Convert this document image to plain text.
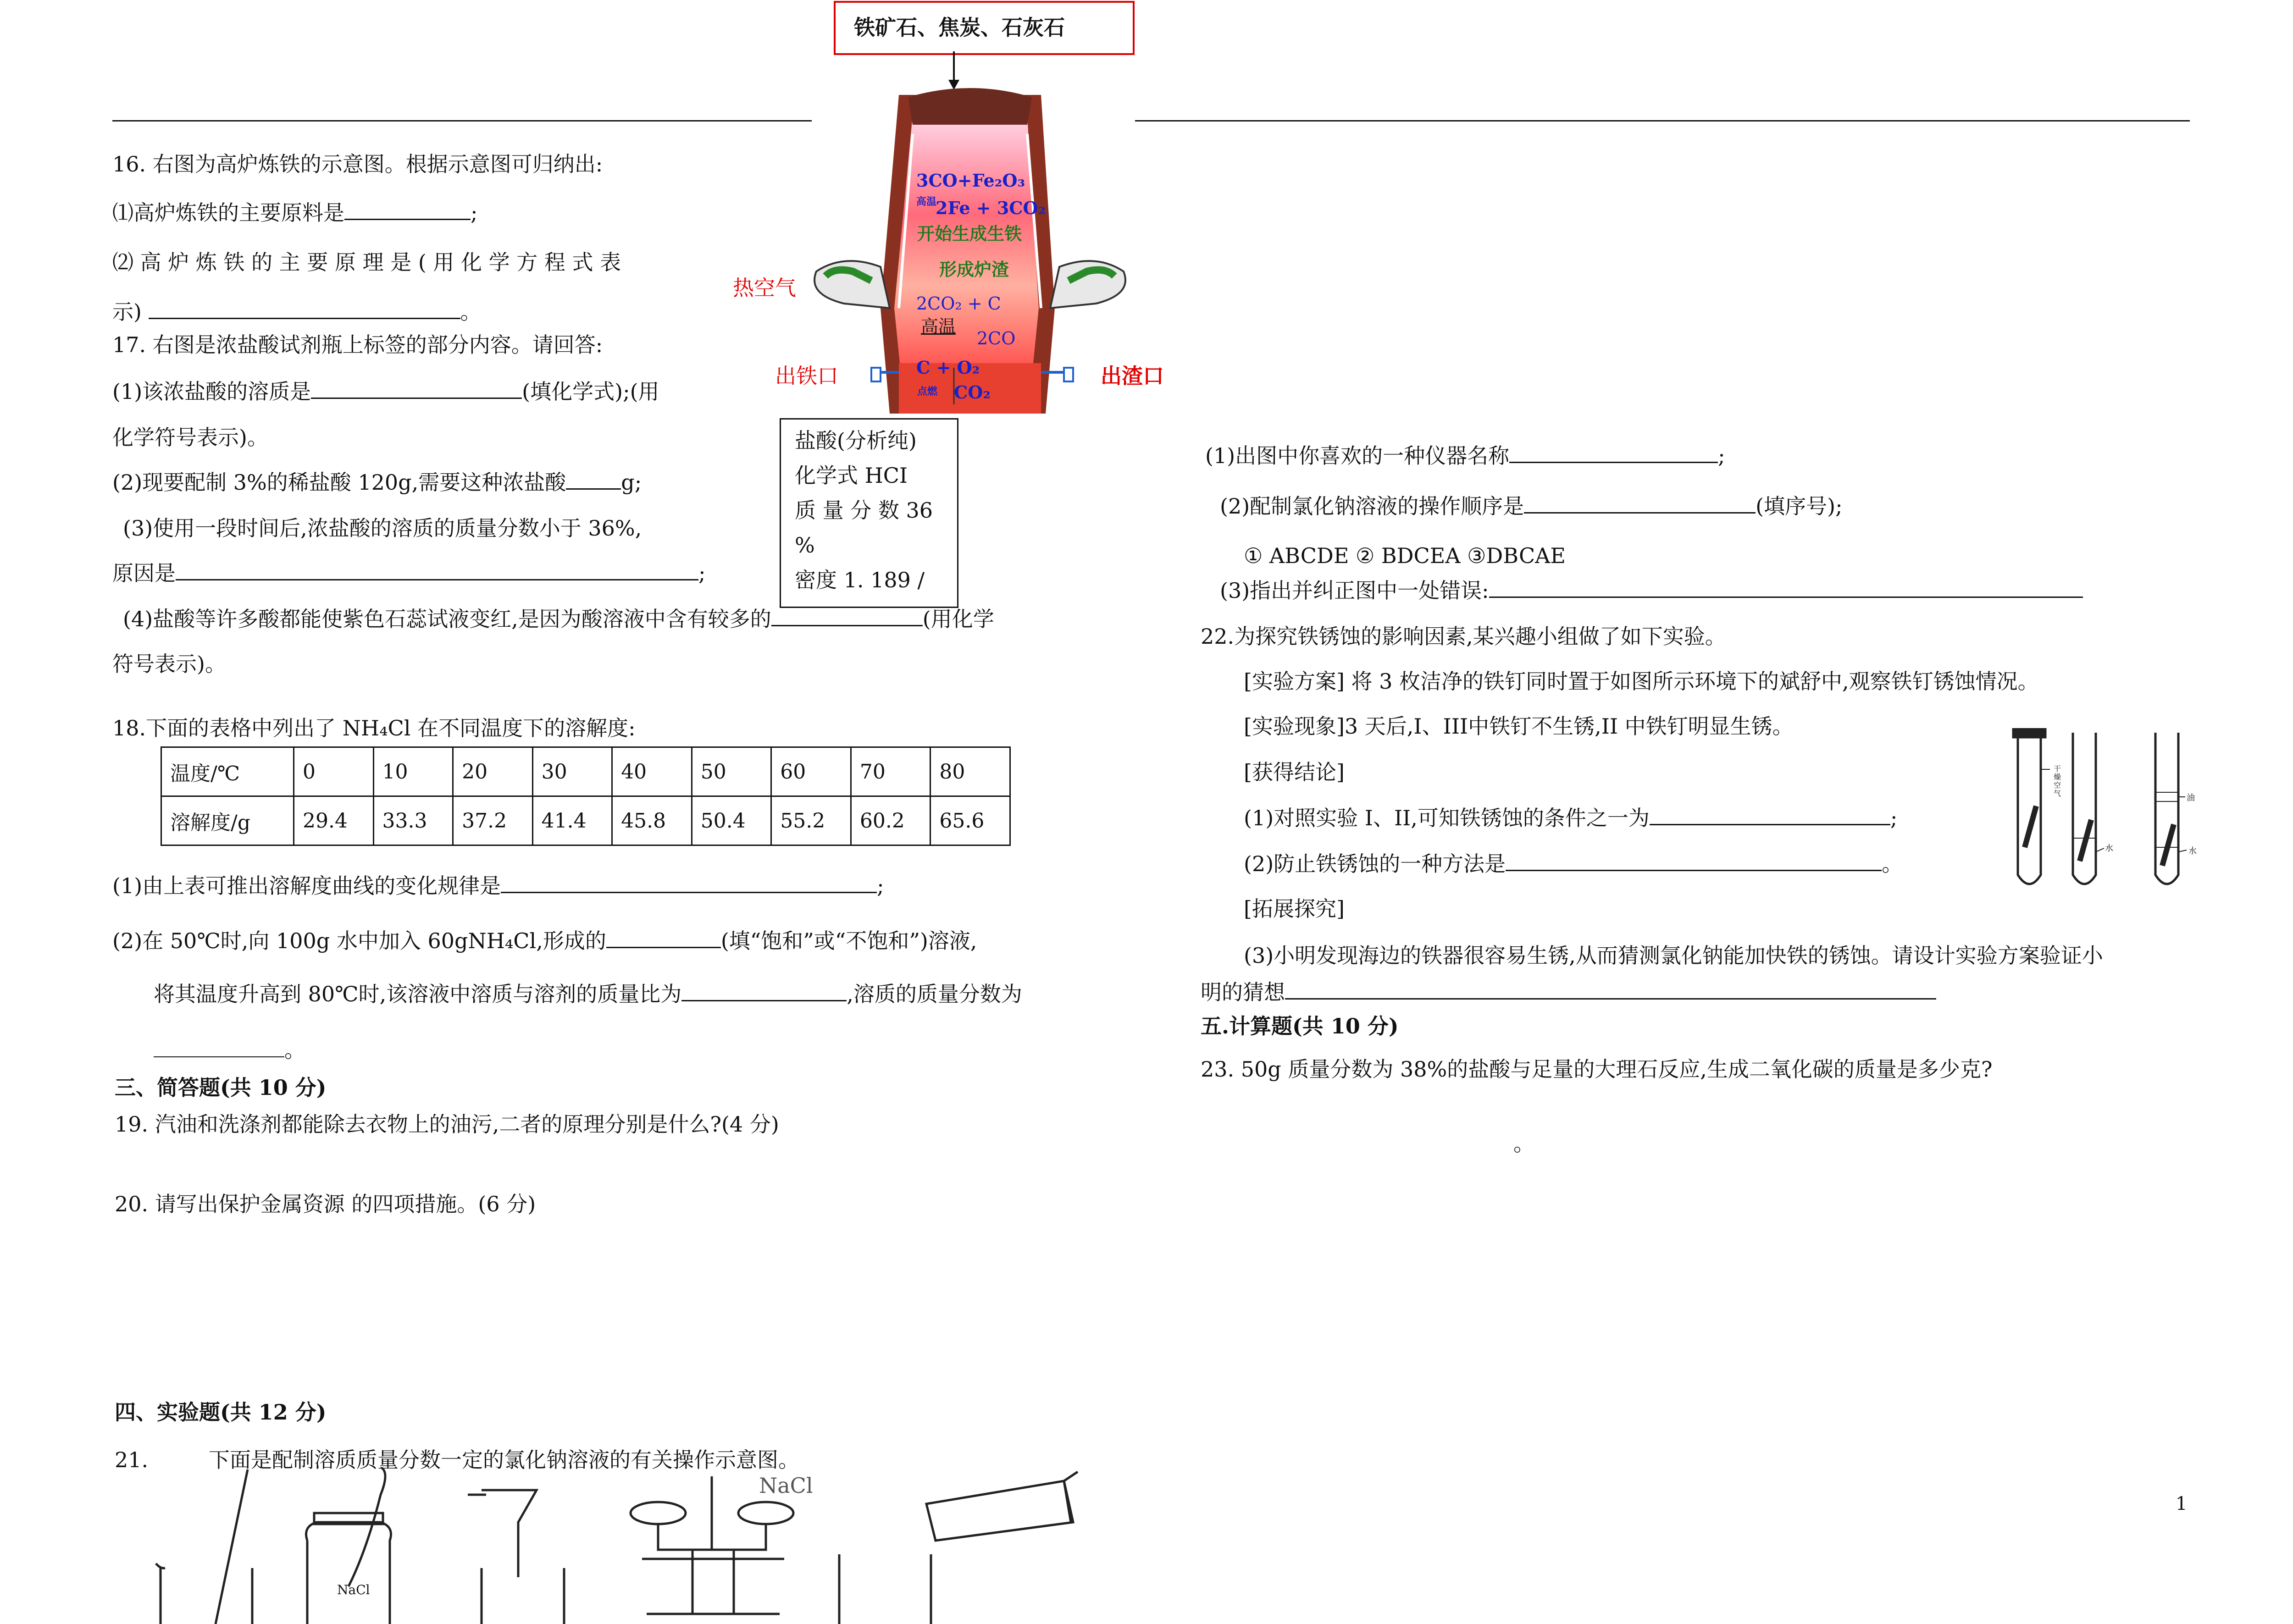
铁矿石、焦炭、石灰石
3CO+Fe₂O₃
高温
2Fe + 3CO₂
开始生成生铁
形成炉渣
2CO₂ + C
高温
2CO
C + O₂
点燃 CO₂
热空气
出铁口	出渣口
盐酸(分析纯)
化学式 HCI
质 量 分 数 36
%
密度 1. 189 /
16. 右图为高炉炼铁的示意图。根据示意图可归纳出:
⑴高炉炼铁的主要原料是	;
⑵ 高 炉 炼 铁 的 主 要 原 理 是 ( 用 化 学 方 程 式 表
示)	。
17. 右图是浓盐酸试剂瓶上标签的部分内容。请回答:
(1)该浓盐酸的溶质是	(填化学式);(用
化学符号表示)。
(2)现要配制 3%的稀盐酸 120g,需要这种浓盐酸	g;
(3)使用一段时间后,浓盐酸的溶质的质量分数小于 36%,
原因是	;
(4)盐酸等许多酸都能使紫色石蕊试液变红,是因为酸溶液中含有较多的	(用化学
符号表示)。
18.下面的表格中列出了 NH₄Cl 在不同温度下的溶解度:
温度/℃	0	10	20	30	40	50	60	70	80
溶解度/g	29.4	33.3	37.2	41.4	45.8	50.4	55.2	60.2	65.6
(1)由上表可推出溶解度曲线的变化规律是	;
(2)在 50℃时,向 100g 水中加入 60gNH₄Cl,形成的	(填“饱和”或“不饱和”)溶液,
将其温度升高到 80℃时,该溶液中溶质与溶剂的质量比为	,溶质的质量分数为
。
三、简答题(共 10 分)
19. 汽油和洗涤剂都能除去衣物上的油污,二者的原理分别是什么?(4 分)
20. 请写出保护金属资源 的四项措施。(6 分)
四、实验题(共 12 分)
21.	下面是配制溶质质量分数一定的氯化钠溶液的有关操作示意图。
NaCl
NaCl
(1)出图中你喜欢的一种仪器名称	;
(2)配制氯化钠溶液的操作顺序是	(填序号);
① ABCDE ② BDCEA ③DBCAE
(3)指出并纠正图中一处错误:
22.为探究铁锈蚀的影响因素,某兴趣小组做了如下实验。
[实验方案] 将 3 枚洁净的铁钉同时置于如图所示环境下的斌舒中,观察铁钉锈蚀情况。
[实验现象]3 天后,I、III中铁钉不生锈,II 中铁钉明显生锈。
[获得结论]
(1)对照实验 I、II,可知铁锈蚀的条件之一为	;
(2)防止铁锈蚀的一种方法是	。
[拓展探究]
(3)小明发现海边的铁器很容易生锈,从而猜测氯化钠能加快铁的锈蚀。请设计实验方案验证小
明的猜想
干燥空气
水
油
水
五.计算题(共 10 分)
23. 50g 质量分数为 38%的盐酸与足量的大理石反应,生成二氧化碳的质量是多少克?
。
1
